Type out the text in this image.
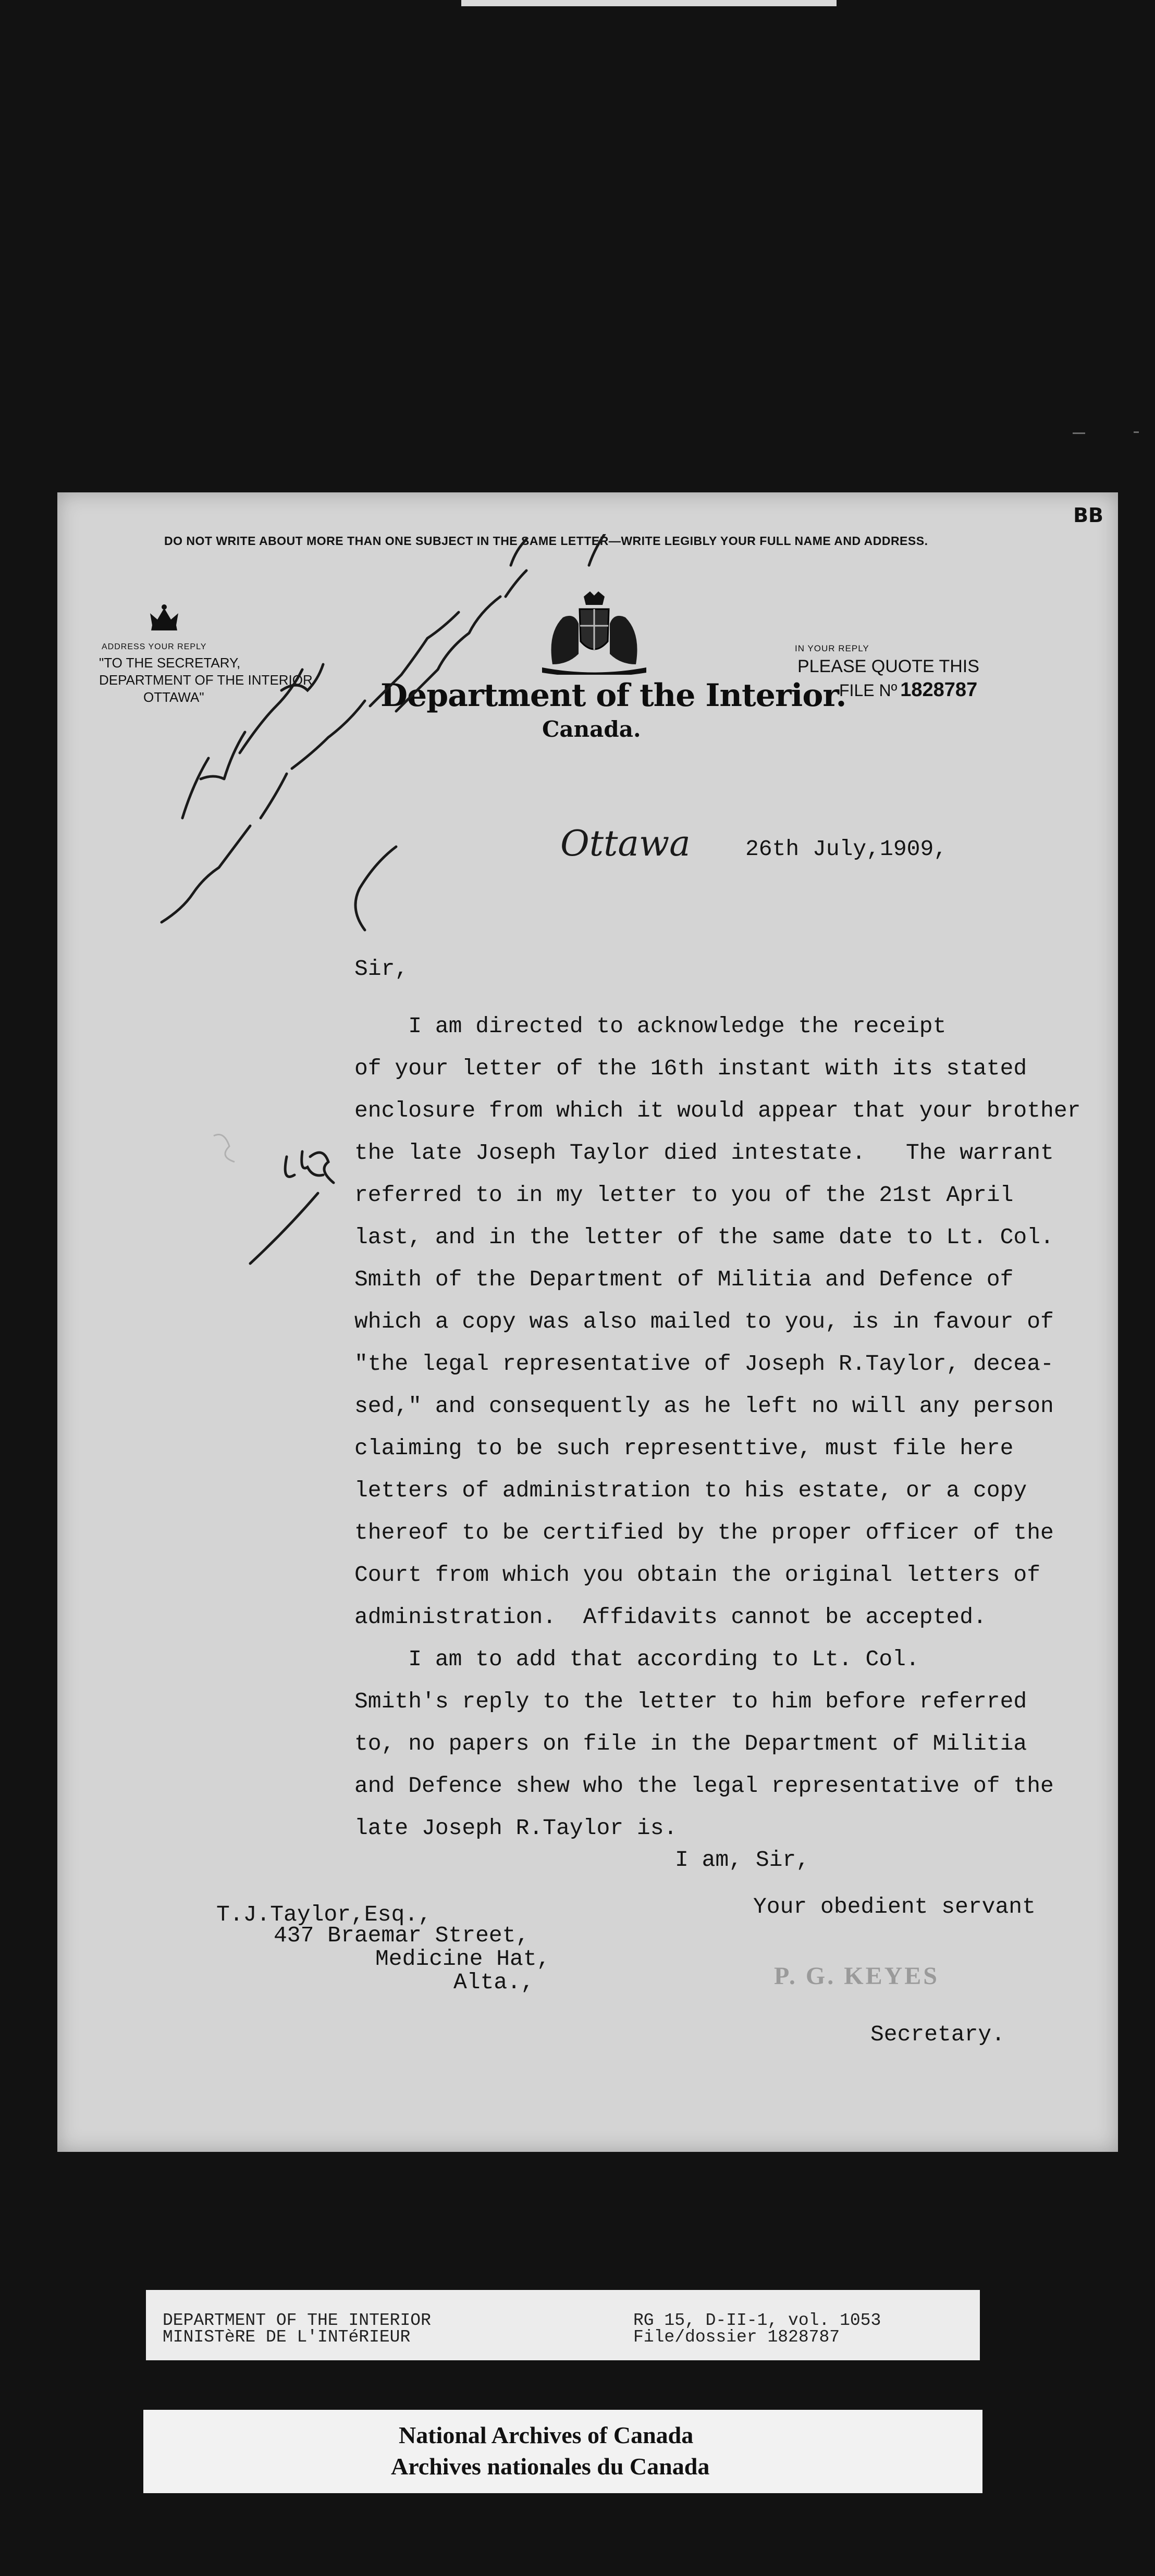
BB
DO NOT WRITE ABOUT MORE THAN ONE SUBJECT IN THE SAME LETTER—WRITE LEGIBLY YOUR FULL NAME AND ADDRESS.
ADDRESS YOUR REPLY
"TO THE SECRETARY,
DEPARTMENT OF THE INTERIOR
OTTAWA"
IN YOUR REPLY
PLEASE QUOTE THIS
FILE Nº 1828787
Department of the Interior.
Canada.
Ottawa 26th July,1909,
Sir,
I am directed to acknowledge the receipt
of your letter of the 16th instant with its stated
enclosure from which it would appear that your brother
the late Joseph Taylor died intestate.   The warrant
referred to in my letter to you of the 21st April
last, and in the letter of the same date to Lt. Col.
Smith of the Department of Militia and Defence of
which a copy was also mailed to you, is in favour of
"the legal representative of Joseph R.Taylor, decea-
sed," and consequently as he left no will any person
claiming to be such representtive, must file here
letters of administration to his estate, or a copy
thereof to be certified by the proper officer of the
Court from which you obtain the original letters of
administration.  Affidavits cannot be accepted.
I am to add that according to Lt. Col.
Smith's reply to the letter to him before referred
to, no papers on file in the Department of Militia
and Defence shew who the legal representative of the
late Joseph R.Taylor is.
I am, Sir,
Your obedient servant
T.J.Taylor,Esq.,
437 Braemar Street,
Medicine Hat,
Alta.,	P. G. KEYES
Secretary.
DEPARTMENT OF THE INTERIOR
MINISTèRE DE L'INTéRIEUR
RG 15, D-II-1, vol. 1053
File/dossier 1828787
National Archives of Canada
Archives nationales du Canada
